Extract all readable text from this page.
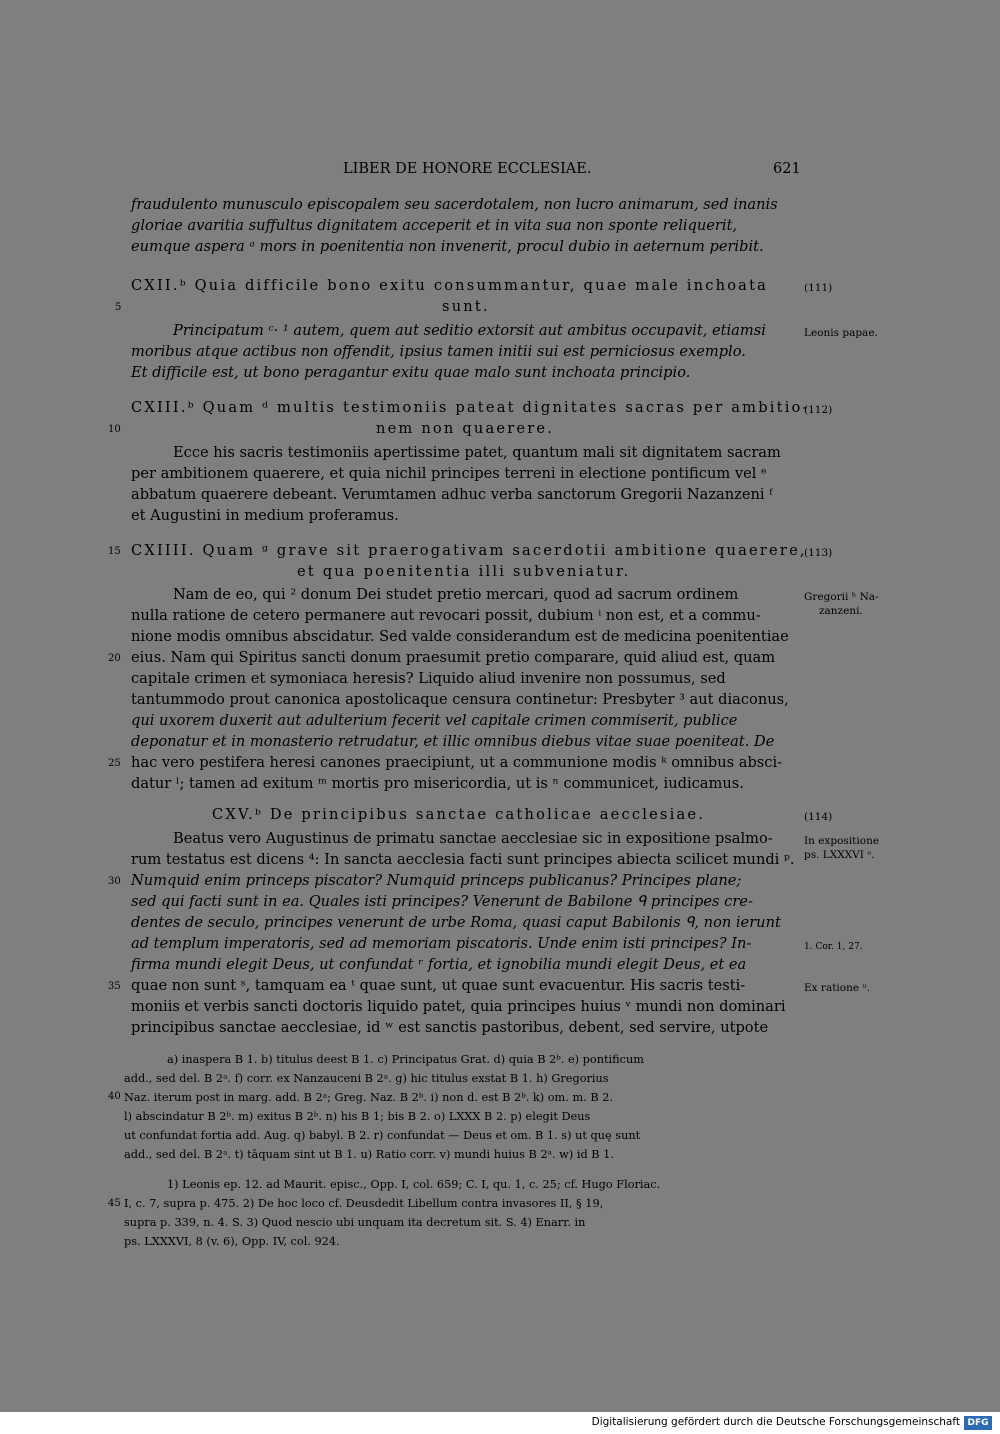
LIBER DE HONORE ECCLESIAE.	621
fraudulento munusculo episcopalem seu sacerdotalem, non lucro animarum, sed inanis
gloriae avaritia suffultus dignitatem acceperit et in vita sua non sponte reliquerit,
eumque aspera ᵃ mors in poenitentia non invenerit, procul dubio in aeternum peribit.
CXII.ᵇ Quia difficile bono exitu consummantur, quae male inchoata
sunt.
Principatum ᶜ· ¹ autem, quem aut seditio extorsit aut ambitus occupavit, etiamsi
moribus atque actibus non offendit, ipsius tamen initii sui est perniciosus exemplo.
Et difficile est, ut bono peragantur exitu quae malo sunt inchoata principio.
CXIII.ᵇ Quam ᵈ multis testimoniis pateat dignitates sacras per ambitio-
nem non quaerere.
Ecce his sacris testimoniis apertissime patet, quantum mali sit dignitatem sacram
per ambitionem quaerere, et quia nichil principes terreni in electione pontificum vel ᵉ
abbatum quaerere debeant. Verumtamen adhuc verba sanctorum Gregorii Nazanzeni ᶠ
et Augustini in medium proferamus.
CXIIII. Quam ᵍ grave sit praerogativam sacerdotii ambitione quaerere,
et qua poenitentia illi subveniatur.
Nam de eo, qui ² donum Dei studet pretio mercari, quod ad sacrum ordinem
nulla ratione de cetero permanere aut revocari possit, dubium ⁱ non est, et a commu-
nione modis omnibus abscidatur. Sed valde considerandum est de medicina poenitentiae
eius. Nam qui Spiritus sancti donum praesumit pretio comparare, quid aliud est, quam
capitale crimen et symoniaca heresis? Liquido aliud invenire non possumus, sed
tantummodo prout canonica apostolicaque censura continetur: Presbyter ³ aut diaconus,
qui uxorem duxerit aut adulterium fecerit vel capitale crimen commiserit, publice
deponatur et in monasterio retrudatur, et illic omnibus diebus vitae suae poeniteat. De
hac vero pestifera heresi canones praecipiunt, ut a communione modis ᵏ omnibus absci-
datur ˡ; tamen ad exitum ᵐ mortis pro misericordia, ut is ⁿ communicet, iudicamus.
CXV.ᵇ De principibus sanctae catholicae aecclesiae.
Beatus vero Augustinus de primatu sanctae aecclesiae sic in expositione psalmo-
rum testatus est dicens ⁴: In sancta aecclesia facti sunt principes abiecta scilicet mundi ᵖ.
Numquid enim princeps piscator? Numquid princeps publicanus? Principes plane;
sed qui facti sunt in ea. Quales isti principes? Venerunt de Babilone ᑫ principes cre-
dentes de seculo, principes venerunt de urbe Roma, quasi caput Babilonis ᑫ, non ierunt
ad templum imperatoris, sed ad memoriam piscatoris. Unde enim isti principes? In-
firma mundi elegit Deus, ut confundat ʳ fortia, et ignobilia mundi elegit Deus, et ea
quae non sunt ˢ, tamquam ea ᵗ quae sunt, ut quae sunt evacuentur. His sacris testi-
moniis et verbis sancti doctoris liquido patet, quia principes huius ᵛ mundi non dominari
principibus sanctae aecclesiae, id ʷ est sanctis pastoribus, debent, sed servire, utpote
5
10
15
20
25
30
35
40
45
(111)
(112)
(113)
(114)
Leonis papae.
Gregorii ʰ Na-
zanzeni.
In expositione
ps. LXXXVI ᵒ.
1. Cor. 1, 27.
Ex ratione ᵘ.
a) inaspera B 1. b) titulus deest B 1. c) Principatus Grat. d) quia B 2ᵇ. e) pontificum
add., sed del. B 2ᵃ. f) corr. ex Nanzauceni B 2ᵃ. g) hic titulus exstat B 1. h) Gregorius
Naz. iterum post in marg. add. B 2ᵃ; Greg. Naz. B 2ᵇ. i) non d. est B 2ᵇ. k) om. m. B 2.
l) abscindatur B 2ᵇ. m) exitus B 2ᵇ. n) his B 1; bis B 2. o) LXXX B 2. p) elegit Deus
ut confundat fortia add. Aug. q) babyl. B 2. r) confundat — Deus et om. B 1. s) ut quę sunt
add., sed del. B 2ᵃ. t) tāquam sint ut B 1. u) Ratio corr. v) mundi huius B 2ᵃ. w) id B 1.
1) Leonis ep. 12. ad Maurit. episc., Opp. I, col. 659; C. I, qu. 1, c. 25; cf. Hugo Floriac.
I, c. 7, supra p. 475. 2) De hoc loco cf. Deusdedit Libellum contra invasores II, § 19,
supra p. 339, n. 4. S. 3) Quod nescio ubi unquam ita decretum sit. S. 4) Enarr. in
ps. LXXXVI, 8 (v. 6), Opp. IV, col. 924.
Digitalisierung gefördert durch die Deutsche Forschungsgemeinschaft DFG
